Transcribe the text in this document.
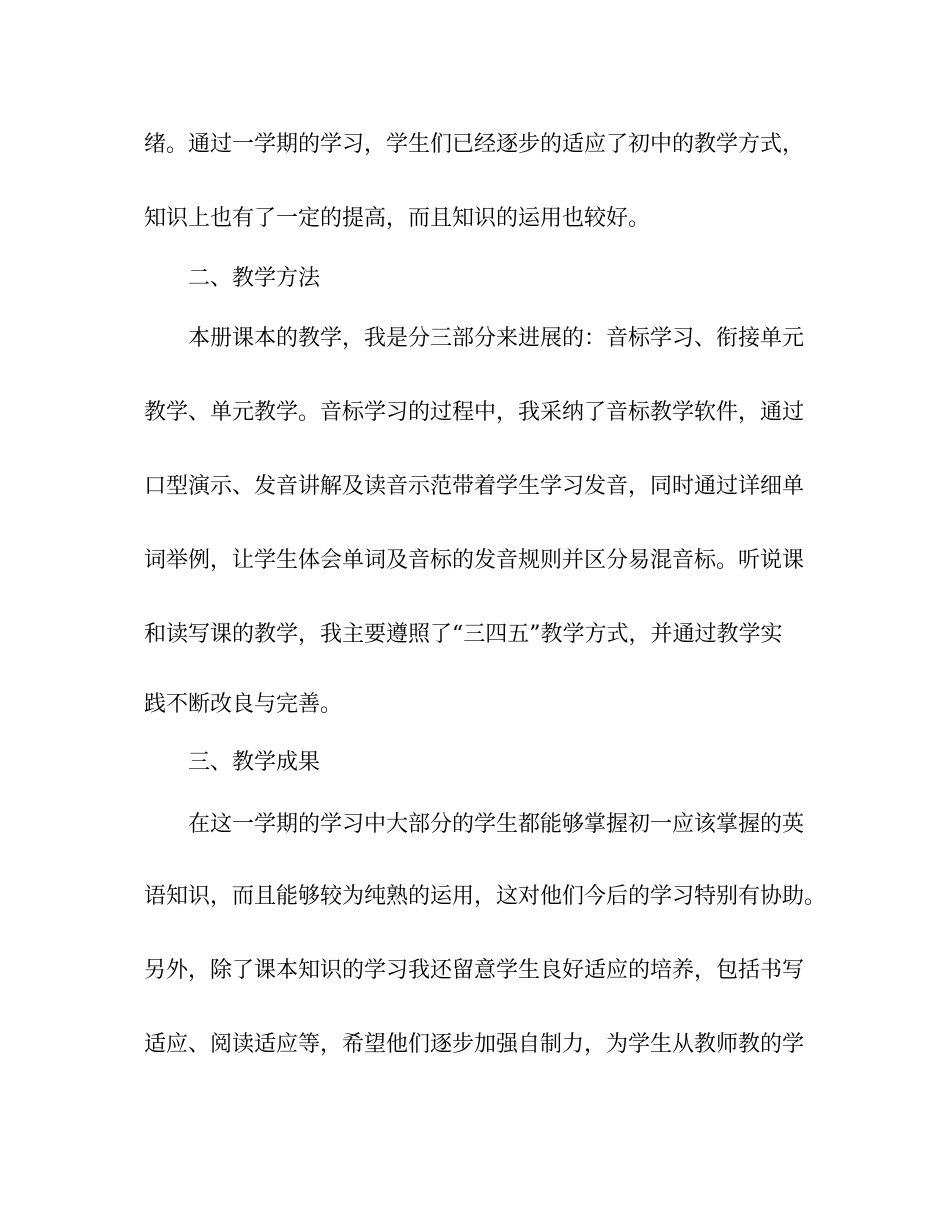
绪。通过一学期的学习，学生们已经逐步的适应了初中的教学方式，
知识上也有了一定的提高，而且知识的运用也较好。
二、教学方法
本册课本的教学，我是分三部分来进展的：音标学习、衔接单元
教学、单元教学。音标学习的过程中，我采纳了音标教学软件，通过
口型演示、发音讲解及读音示范带着学生学习发音，同时通过详细单
词举例，让学生体会单词及音标的发音规则并区分易混音标。听说课
和读写课的教学，我主要遵照了“三四五”教学方式，并通过教学实
践不断改良与完善。
三、教学成果
在这一学期的学习中大部分的学生都能够掌握初一应该掌握的英
语知识，而且能够较为纯熟的运用，这对他们今后的学习特别有协助。
另外，除了课本知识的学习我还留意学生良好适应的培养，包括书写
适应、阅读适应等，希望他们逐步加强自制力，为学生从教师教的学
